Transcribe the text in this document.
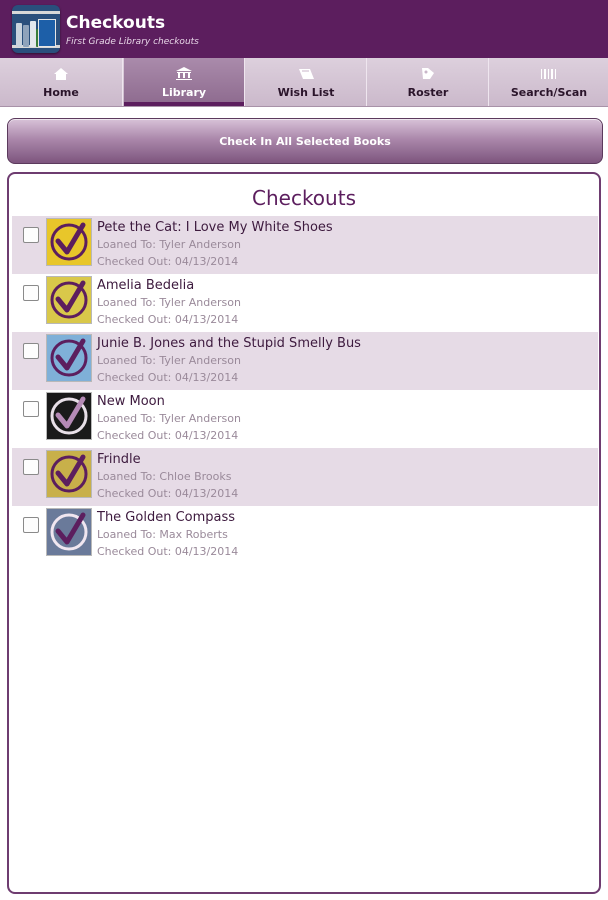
Checkouts
First Grade Library checkouts
Home	Library	Wish List	Roster	Search/Scan
Check In All Selected Books
Checkouts
Pete the Cat: I Love My White Shoes
Loaned To: Tyler Anderson
Checked Out: 04/13/2014
Amelia Bedelia
Loaned To: Tyler Anderson
Checked Out: 04/13/2014
Junie B. Jones and the Stupid Smelly Bus
Loaned To: Tyler Anderson
Checked Out: 04/13/2014
New Moon
Loaned To: Tyler Anderson
Checked Out: 04/13/2014
Frindle
Loaned To: Chloe Brooks
Checked Out: 04/13/2014
The Golden Compass
Loaned To: Max Roberts
Checked Out: 04/13/2014
